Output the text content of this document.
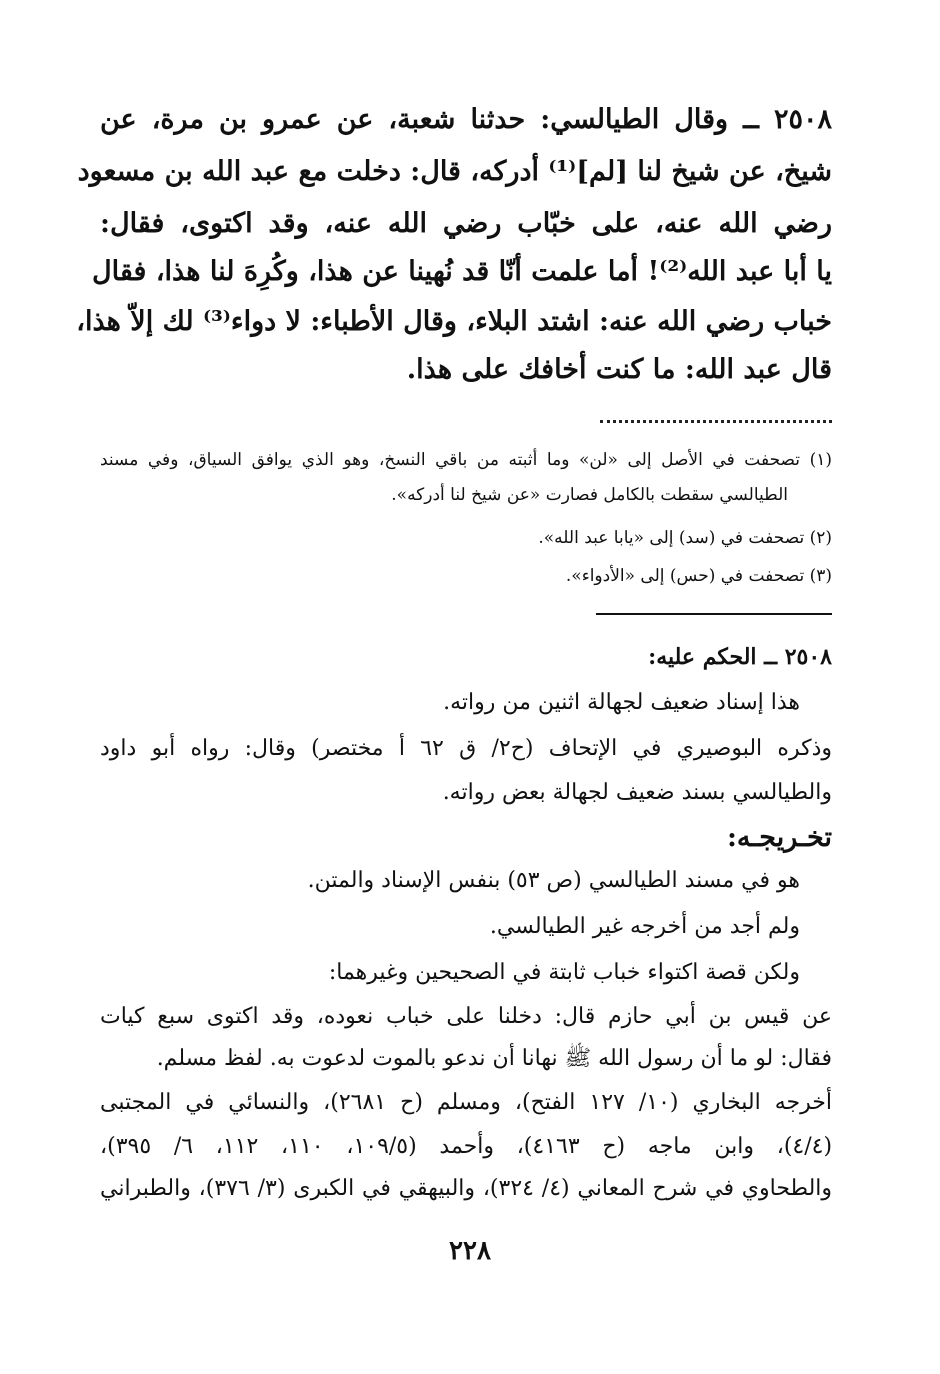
٢٥٠٨ ــ وقال الطيالسي: حدثنا شعبة، عن عمرو بن مرة، عن
شيخ، عن شيخ لنا [لم]⁽¹⁾ أدركه، قال: دخلت مع عبد الله بن مسعود
رضي الله عنه، على خبّاب رضي الله عنه، وقد اكتوى، فقال:
يا أبا عبد الله⁽²⁾! أما علمت أنّا قد نُهينا عن هذا، وكُرِهَ لنا هذا، فقال
خباب رضي الله عنه: اشتد البلاء، وقال الأطباء: لا دواء⁽³⁾ لك إلاّ هذا،
قال عبد الله: ما كنت أخافك على هذا.
(١) تصحفت في الأصل إلى «لن» وما أثبته من باقي النسخ، وهو الذي يوافق السياق، وفي مسند
الطيالسي سقطت بالكامل فصارت «عن شيخ لنا أدركه».
(٢) تصحفت في (سد) إلى «يابا عبد الله».
(٣) تصحفت في (حس) إلى «الأدواء».
٢٥٠٨ ــ الحكم عليه:
هذا إسناد ضعيف لجهالة اثنين من رواته.
وذكره البوصيري في الإتحاف (ح٢/ ق ٦٢ أ مختصر) وقال: رواه أبو داود
والطيالسي بسند ضعيف لجهالة بعض رواته.
تخـريجـه:
هو في مسند الطيالسي (ص ٥٣) بنفس الإسناد والمتن.
ولم أجد من أخرجه غير الطيالسي.
ولكن قصة اكتواء خباب ثابتة في الصحيحين وغيرهما:
عن قيس بن أبي حازم قال: دخلنا على خباب نعوده، وقد اكتوى سبع كيات
فقال: لو ما أن رسول الله ﷺ نهانا أن ندعو بالموت لدعوت به. لفظ مسلم.
أخرجه البخاري (١٠/ ١٢٧ الفتح)، ومسلم (ح ٢٦٨١)، والنسائي في المجتبى
(٤/٤)، وابن ماجه (ح ٤١٦٣)، وأحمد (١٠٩/٥، ١١٠، ١١٢، ٦/ ٣٩٥)،
والطحاوي في شرح المعاني (٤/ ٣٢٤)، والبيهقي في الكبرى (٣/ ٣٧٦)، والطبراني
٢٢٨
